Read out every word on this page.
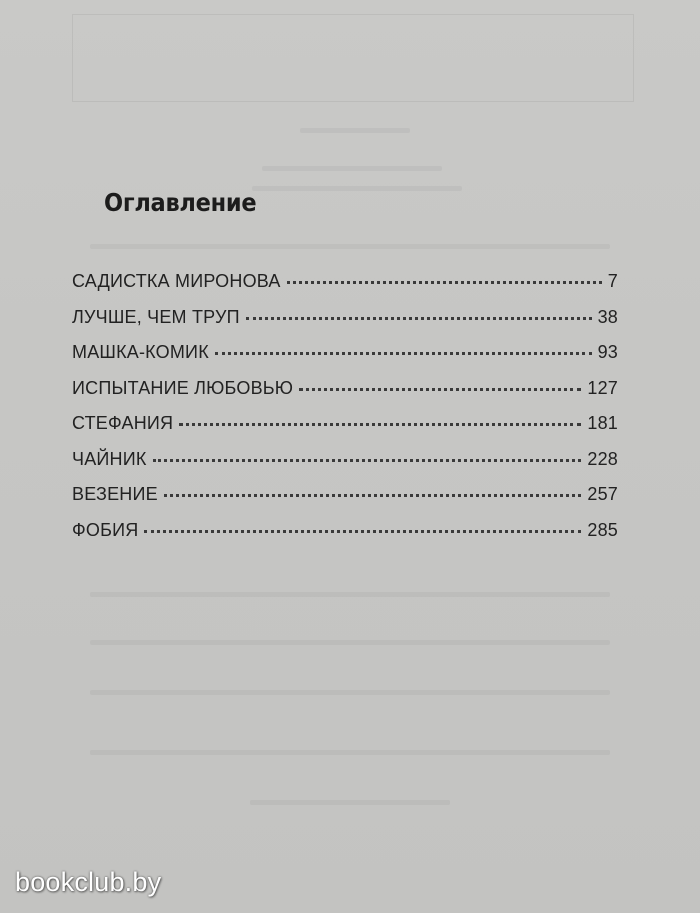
Оглавление
САДИСТКА МИРОНОВА	7
ЛУЧШЕ, ЧЕМ ТРУП	38
МАШКА-КОМИК	93
ИСПЫТАНИЕ ЛЮБОВЬЮ	127
СТЕФАНИЯ	181
ЧАЙНИК	228
ВЕЗЕНИЕ	257
ФОБИЯ	285
bookclub.by
